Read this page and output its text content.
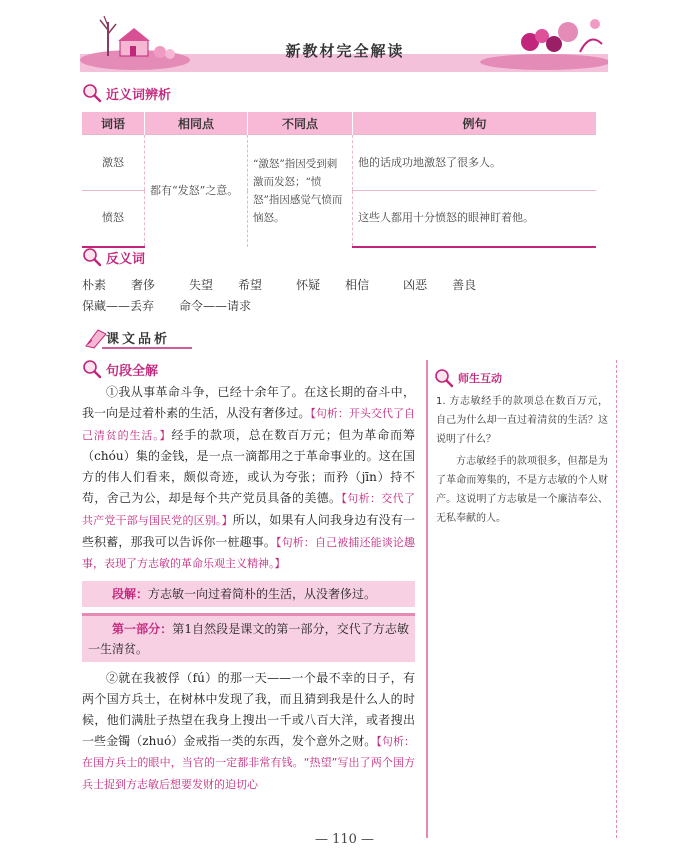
新教材完全解读
近义词辨析
词语	相同点	不同点	例句
激怒	都有“发怒”之意。	“激怒”指因受到刺激而发怒；“愤怒”指因感觉气愤而恼怒。	他的话成功地激怒了很多人。
愤怒			这些人都用十分愤怒的眼神盯着他。
反义词
朴素 奢侈	失望 希望	怀疑 相信	凶恶 善良
保藏——丢弃 命令——请求
课文品析
句段全解

①我从事革命斗争，已经十余年了。在这长期的奋斗中，我一向是过着朴素的生活，从没有奢侈过。【句析：开头交代了自己清贫的生活。】经手的款项，总在数百万元；但为革命而筹（chóu）集的金钱，是一点一滴都用之于革命事业的。这在国方的伟人们看来，颇似奇迹，或认为夸张；而矜（jīn）持不苟，舍己为公，却是每个共产党员具备的美德。【句析：交代了共产党干部与国民党的区别。】所以，如果有人问我身边有没有一些积蓄，那我可以告诉你一桩趣事。【句析：自己被捕还能谈论趣事，表现了方志敏的革命乐观主义精神。】

段解：方志敏一向过着简朴的生活，从没奢侈过。
第一部分：第1自然段是课文的第一部分，交代了方志敏一生清贫。

②就在我被俘（fú）的那一天——一个最不幸的日子，有两个国方兵士，在树林中发现了我，而且猜到我是什么人的时候，他们满肚子热望在我身上搜出一千或八百大洋，或者搜出一些金镯（zhuó）金戒指一类的东西，发个意外之财。【句析：在国方兵士的眼中，当官的一定都非常有钱。“热望”写出了两个国方兵士捉到方志敏后想要发财的迫切心

师生互动
1. 方志敏经手的款项总在数百万元，自己为什么却一直过着清贫的生活？这说明了什么？

方志敏经手的款项很多，但都是为了革命而筹集的，不是方志敏的个人财产。这说明了方志敏是一个廉洁奉公、无私奉献的人。

— 110 —
